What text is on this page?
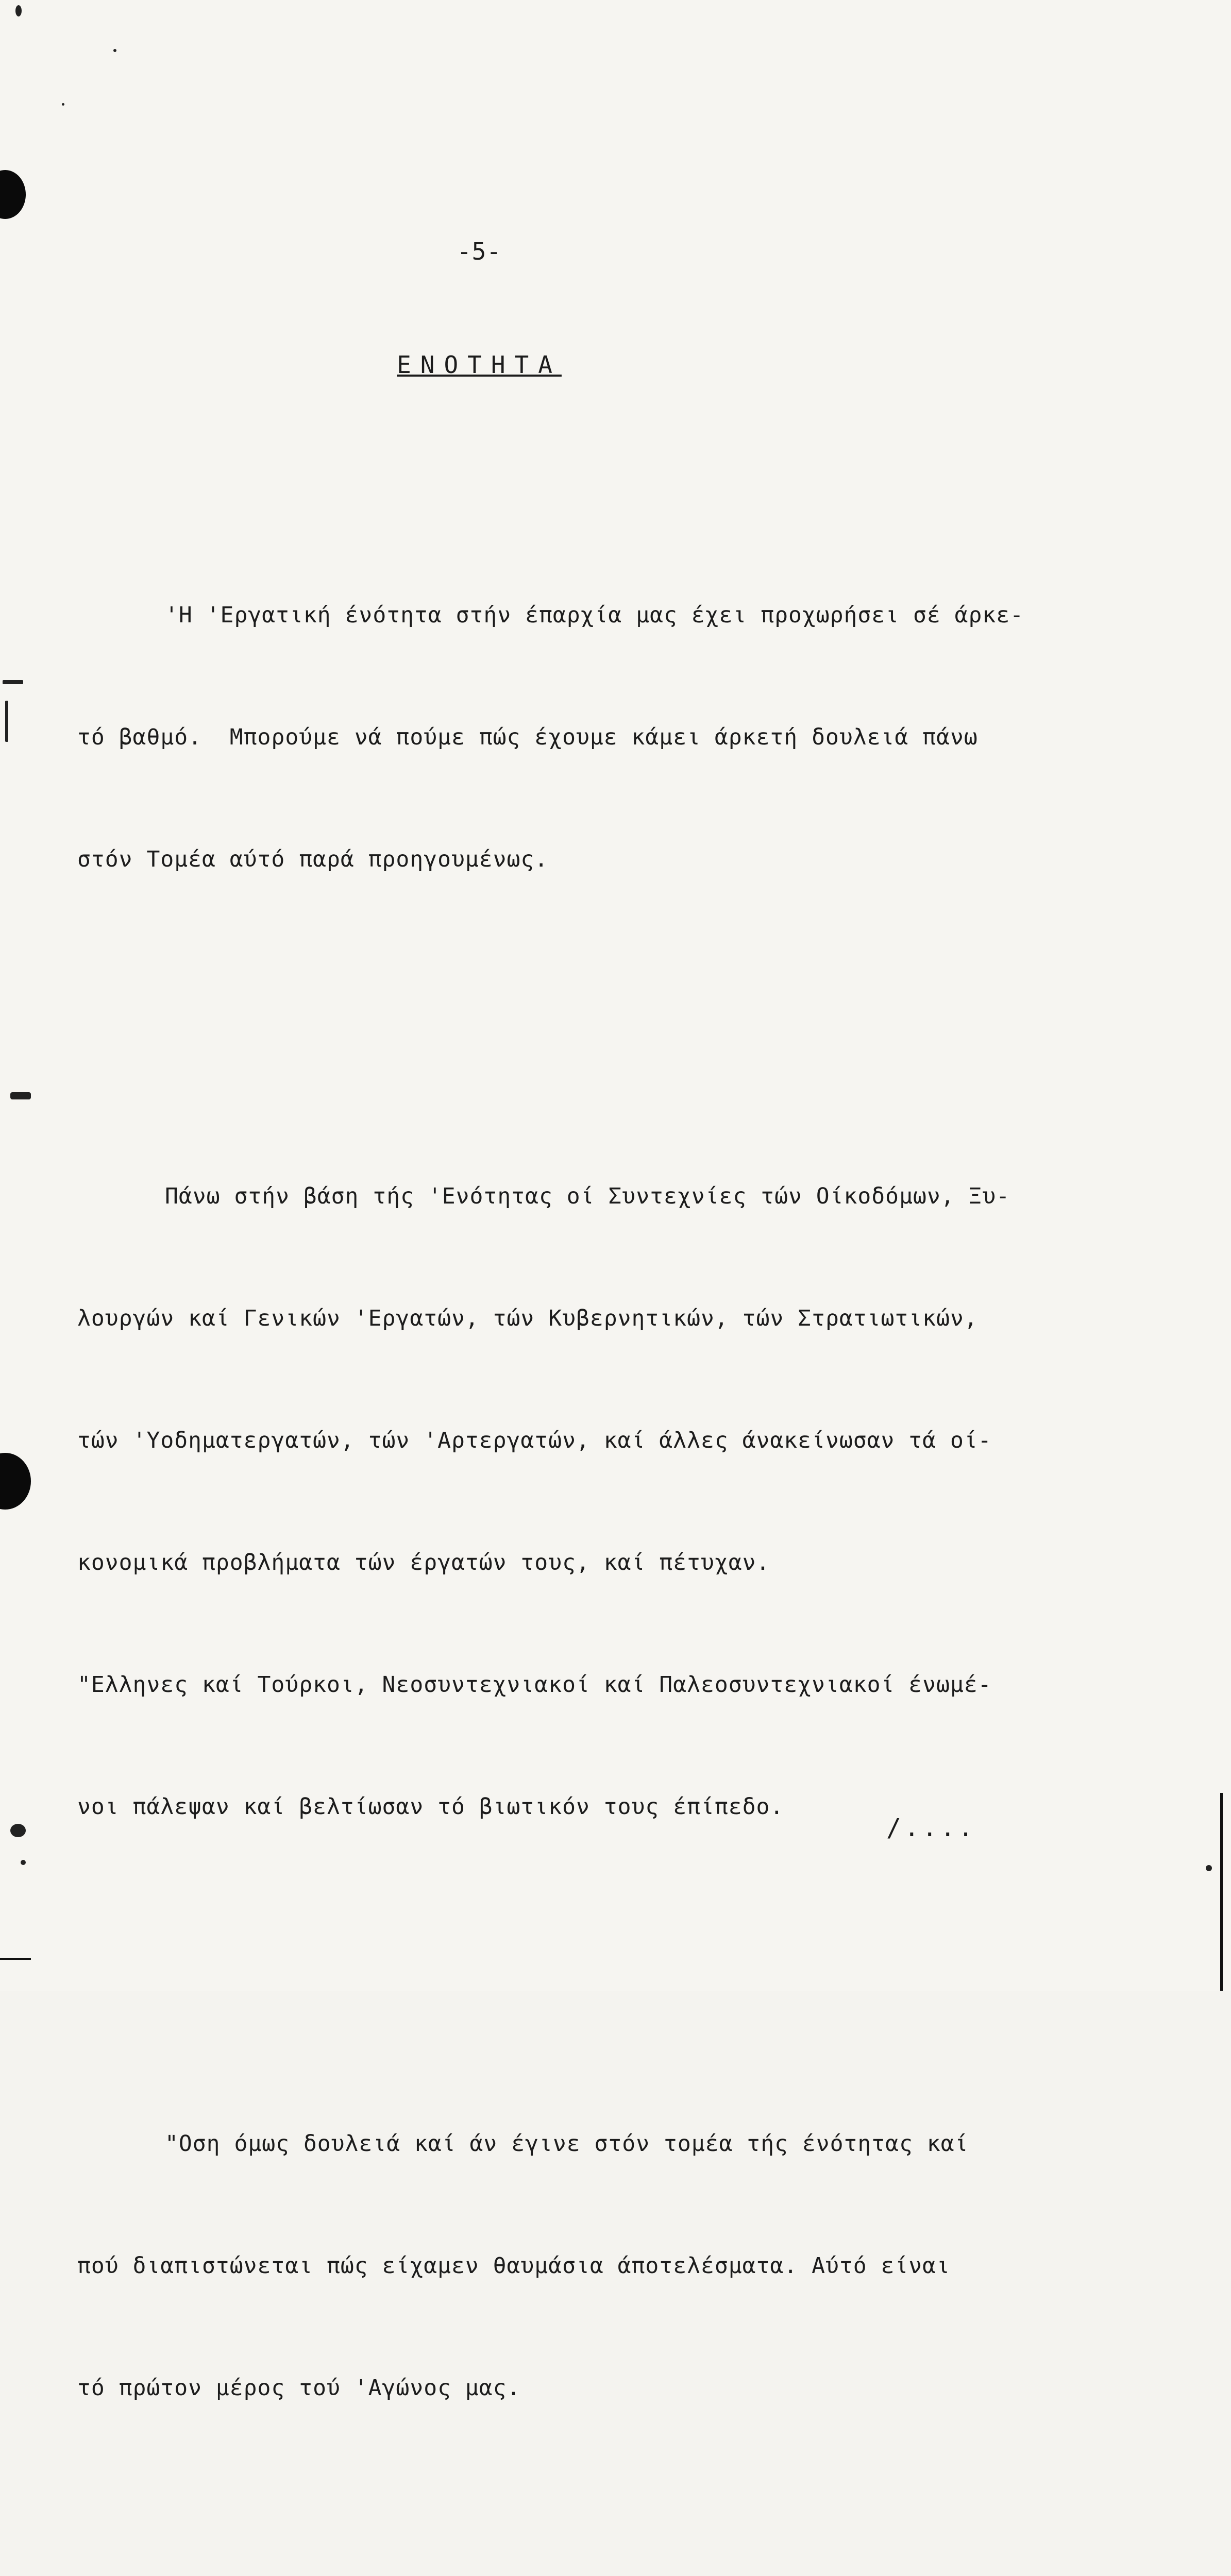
-5-

ΕΝΟΤΗΤΑ

'Η 'Εργατική ένότητα στήν έπαρχία μας έχει προχωρήσει σέ άρκε-

τό βαθμό.  Μπορούμε νά πούμε πώς έχουμε κάμει άρκετή δουλειά πάνω

στόν Τομέα αύτό παρά προηγουμένως.

Πάνω στήν βάση τής 'Ενότητας οί Συντεχνίες τών Οίκοδόμων, Ξυ-

λουργών καί Γενικών 'Εργατών, τών Κυβερνητικών, τών Στρατιωτικών,

τών 'Υοδηματεργατών, τών 'Αρτεργατών, καί άλλες άνακείνωσαν τά οί-

κονομικά προβλήματα τών έργατών τους, καί πέτυχαν.

"Ελληνες καί Τούρκοι, Νεοσυντεχνιακοί καί Παλεοσυντεχνιακοί ένωμέ-

νοι πάλεψαν καί βελτίωσαν τό βιωτικόν τους έπίπεδο.

"Οση όμως δουλειά καί άν έγινε στόν τομέα τής ένότητας καί

πού διαπιστώνεται πώς είχαμεν θαυμάσια άποτελέσματα. Αύτό είναι

τό πρώτον μέρος τού 'Αγώνος μας.

/....
